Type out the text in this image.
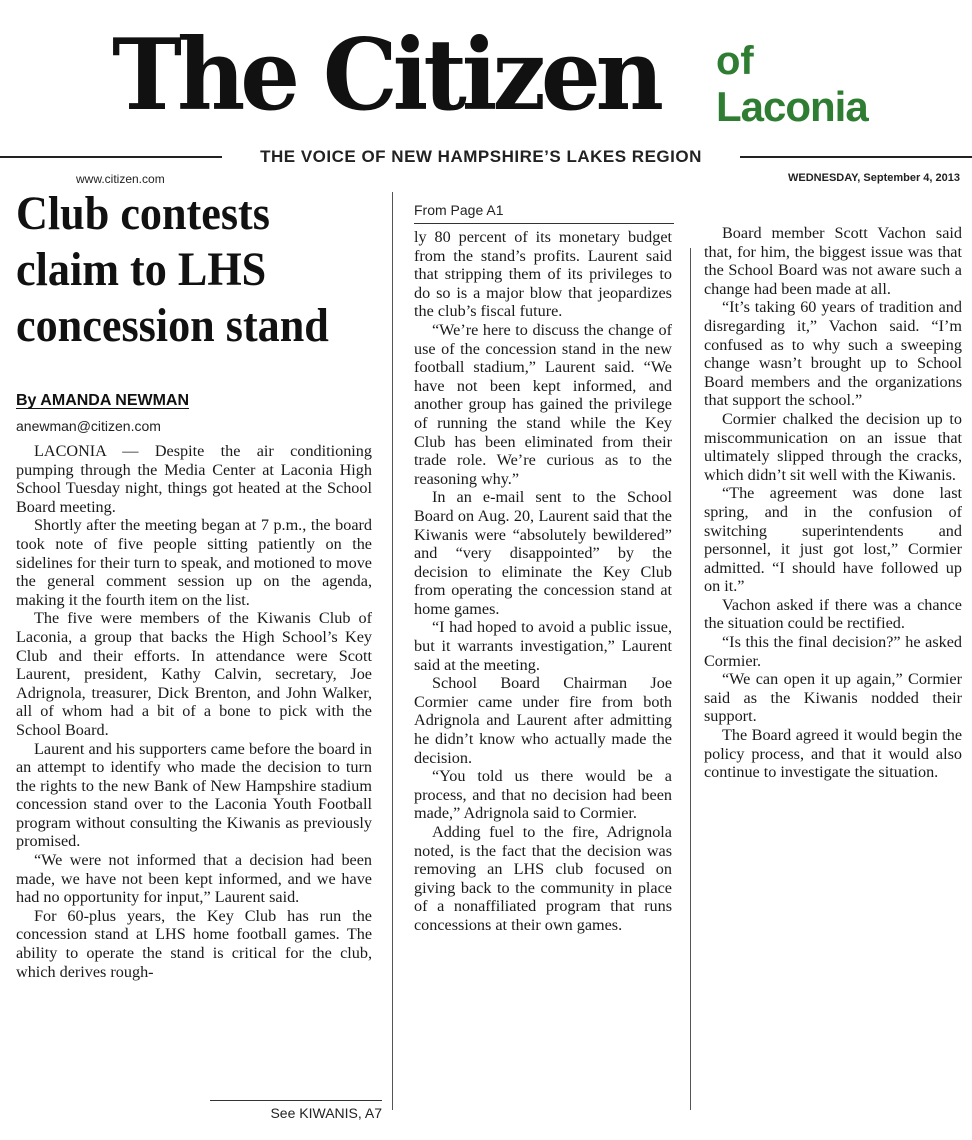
The Citizen of
Laconia
THE VOICE OF NEW HAMPSHIRE’S LAKES REGION
www.citizen.com	WEDNESDAY, September 4, 2013
Club contests claim to LHS concession stand
By AMANDA NEWMAN
anewman@citizen.com

LACONIA — Despite the air conditioning pumping through the Media Center at Laconia High School Tuesday night, things got heated at the School Board meeting.

Shortly after the meeting began at 7 p.m., the board took note of five people sitting patiently on the sidelines for their turn to speak, and motioned to move the general comment session up on the agenda, making it the fourth item on the list.

The five were members of the Kiwanis Club of Laconia, a group that backs the High School’s Key Club and their efforts. In attendance were Scott Laurent, president, Kathy Calvin, secretary, Joe Adrignola, treasurer, Dick Brenton, and John Walker, all of whom had a bit of a bone to pick with the School Board.

Laurent and his supporters came before the board in an attempt to identify who made the decision to turn the rights to the new Bank of New Hampshire stadium concession stand over to the Laconia Youth Football program without consulting the Kiwanis as previously promised.

“We were not informed that a decision had been made, we have not been kept informed, and we have had no opportunity for input,” Laurent said.

For 60-plus years, the Key Club has run the concession stand at LHS home football games. The ability to operate the stand is critical for the club, which derives rough-

See KIWANIS, A7
From Page A1

ly 80 percent of its monetary budget from the stand’s profits. Laurent said that stripping them of its privileges to do so is a major blow that jeopardizes the club’s fiscal future.

“We’re here to discuss the change of use of the concession stand in the new football stadium,” Laurent said. “We have not been kept informed, and another group has gained the privilege of running the stand while the Key Club has been eliminated from their trade role. We’re curious as to the reasoning why.”

In an e-mail sent to the School Board on Aug. 20, Laurent said that the Kiwanis were “absolutely bewildered” and “very disappointed” by the decision to eliminate the Key Club from operating the concession stand at home games.

“I had hoped to avoid a public issue, but it warrants investigation,” Laurent said at the meeting.

School Board Chairman Joe Cormier came under fire from both Adrignola and Laurent after admitting he didn’t know who actually made the decision.

“You told us there would be a process, and that no decision had been made,” Adrignola said to Cormier.

Adding fuel to the fire, Adrignola noted, is the fact that the decision was removing an LHS club focused on giving back to the community in place of a nonaffiliated program that runs concessions at their own games.

Board member Scott Vachon said that, for him, the biggest issue was that the School Board was not aware such a change had been made at all.

“It’s taking 60 years of tradition and disregarding it,” Vachon said. “I’m confused as to why such a sweeping change wasn’t brought up to School Board members and the organizations that support the school.”

Cormier chalked the decision up to miscommunication on an issue that ultimately slipped through the cracks, which didn’t sit well with the Kiwanis.

“The agreement was done last spring, and in the confusion of switching superintendents and personnel, it just got lost,” Cormier admitted. “I should have followed up on it.”

Vachon asked if there was a chance the situation could be rectified.

“Is this the final decision?” he asked Cormier.

“We can open it up again,” Cormier said as the Kiwanis nodded their support.

The Board agreed it would begin the policy process, and that it would also continue to investigate the situation.
